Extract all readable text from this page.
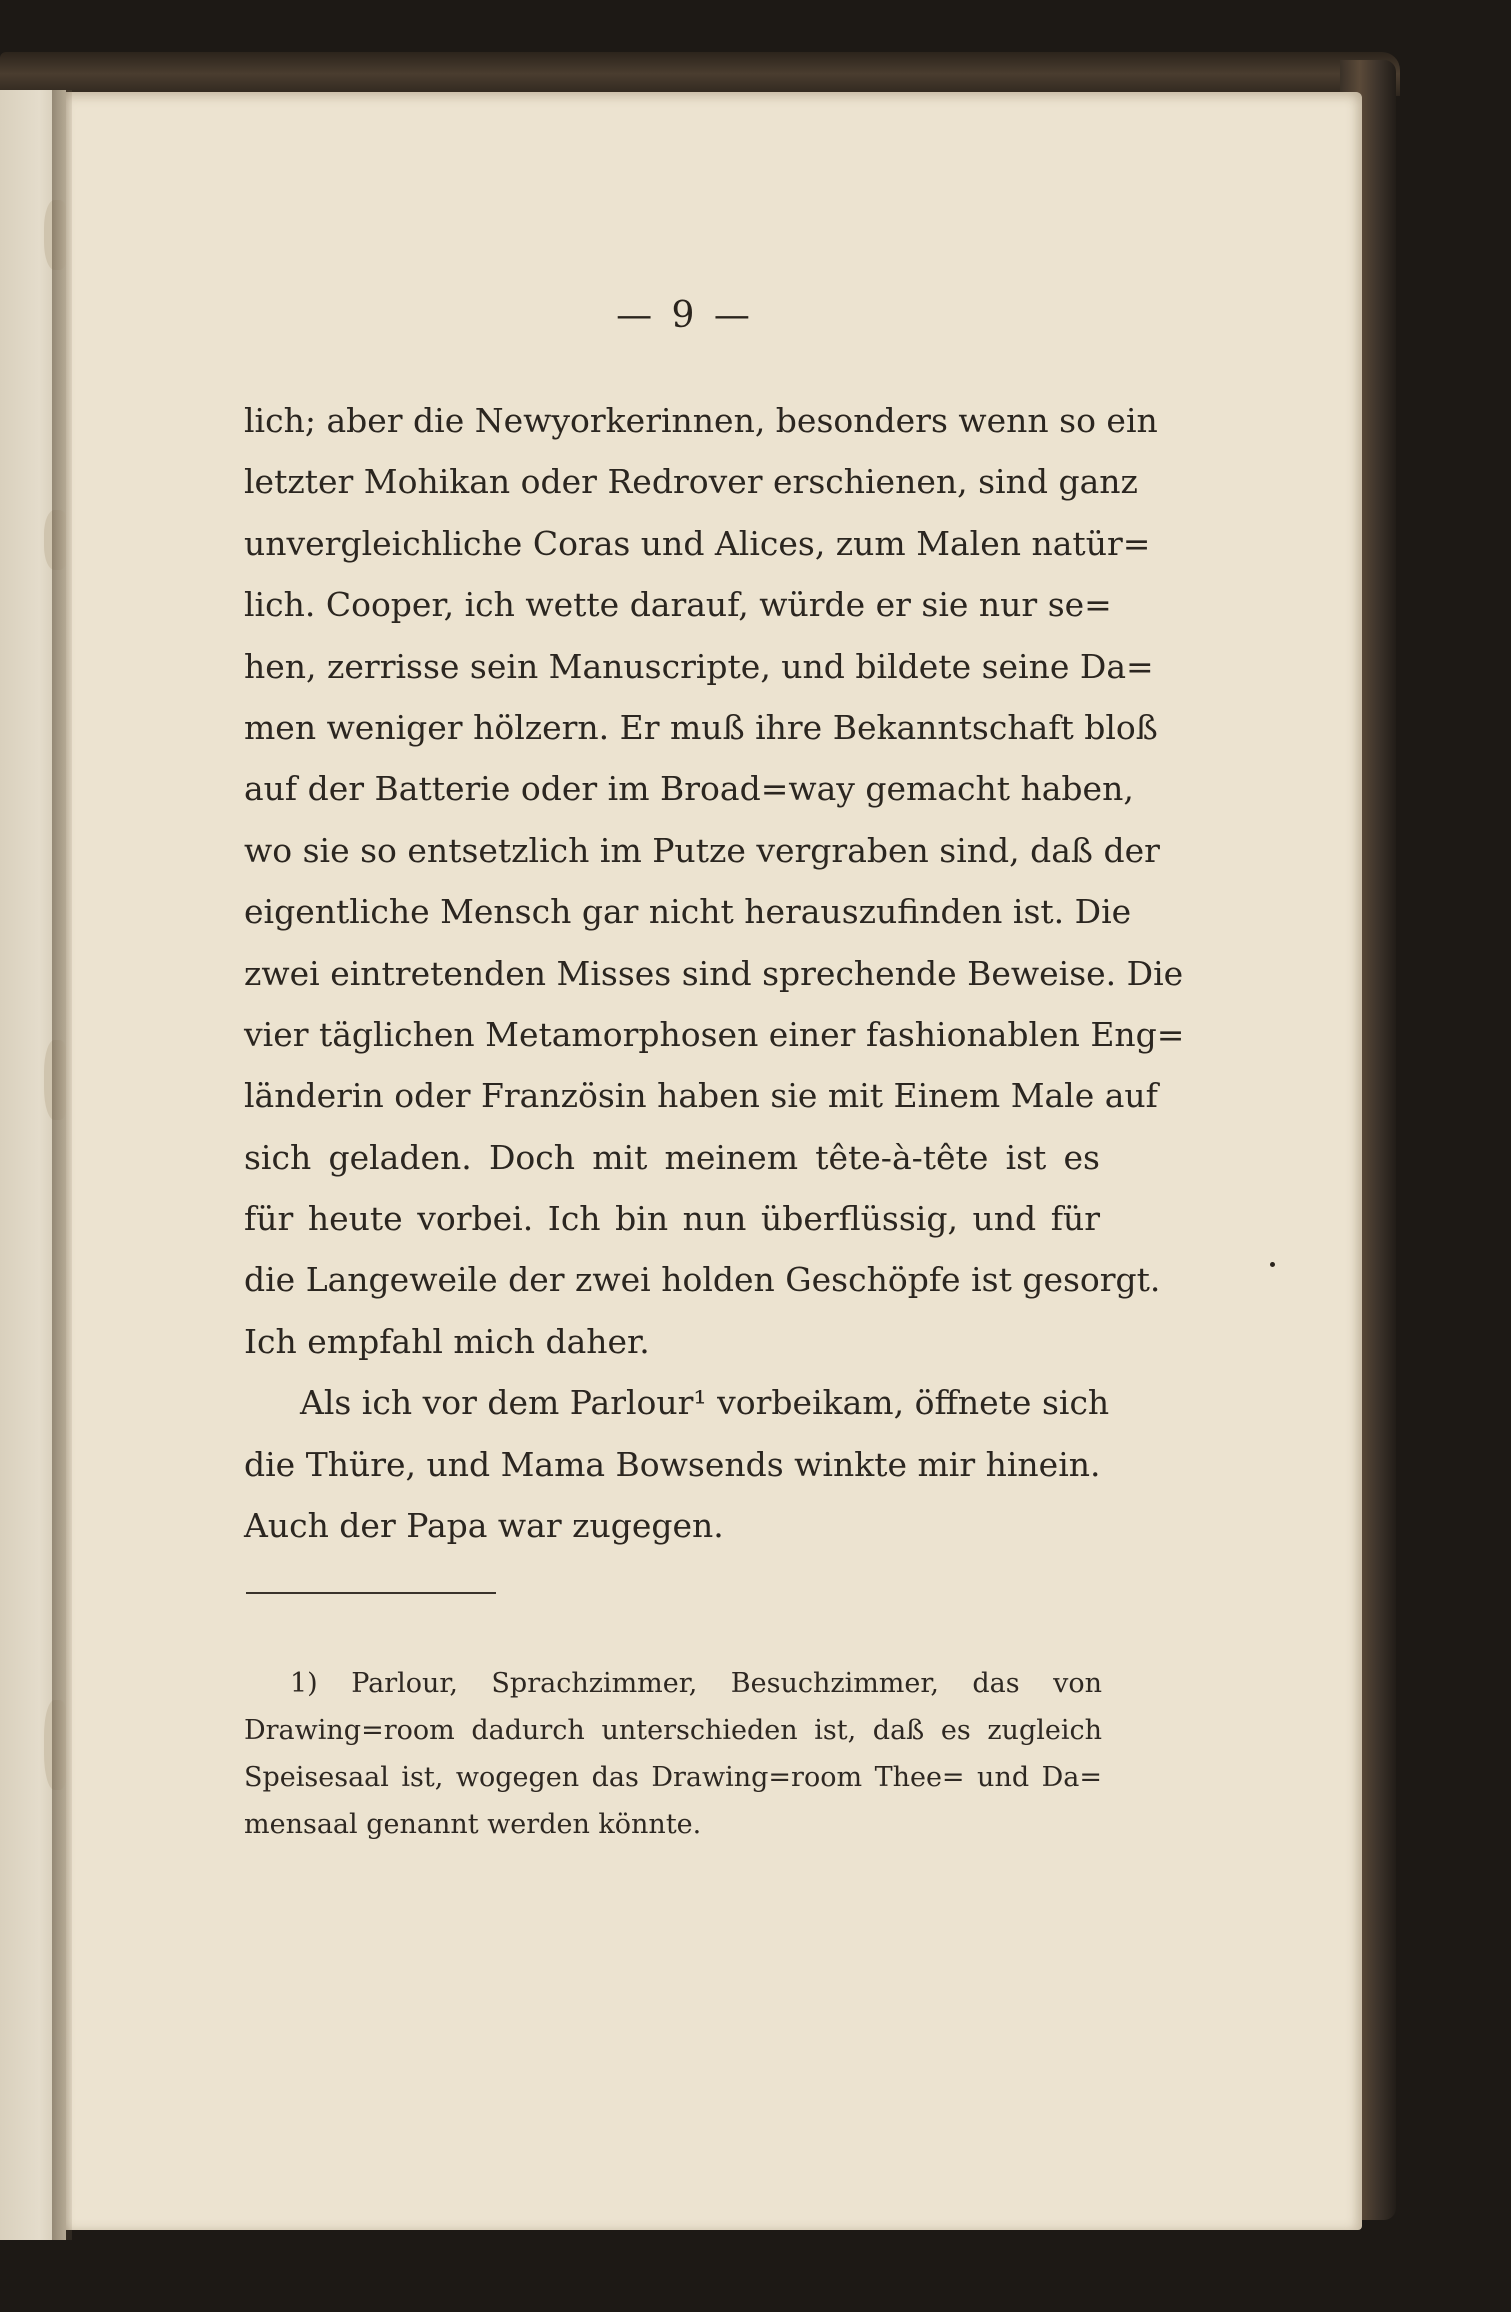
— 9 —
lich; aber die Newyorkerinnen, besonders wenn so ein
letzter Mohikan oder Redrover erschienen, sind ganz
unvergleichliche Coras und Alices, zum Malen natür=
lich. Cooper, ich wette darauf, würde er sie nur se=
hen, zerrisse sein Manuscripte, und bildete seine Da=
men weniger hölzern. Er muß ihre Bekanntschaft bloß
auf der Batterie oder im Broad=way gemacht haben,
wo sie so entsetzlich im Putze vergraben sind, daß der
eigentliche Mensch gar nicht herauszufinden ist. Die
zwei eintretenden Misses sind sprechende Beweise. Die
vier täglichen Metamorphosen einer fashionablen Eng=
länderin oder Französin haben sie mit Einem Male auf
sich geladen. Doch mit meinem tête-à-tête ist es
für heute vorbei. Ich bin nun überflüssig, und für
die Langeweile der zwei holden Geschöpfe ist gesorgt.
Ich empfahl mich daher.
Als ich vor dem Parlour¹ vorbeikam, öffnete sich
die Thüre, und Mama Bowsends winkte mir hinein.
Auch der Papa war zugegen.
1) Parlour, Sprachzimmer, Besuchzimmer, das von
Drawing=room dadurch unterschieden ist, daß es zugleich
Speisesaal ist, wogegen das Drawing=room Thee= und Da=
mensaal genannt werden könnte.
